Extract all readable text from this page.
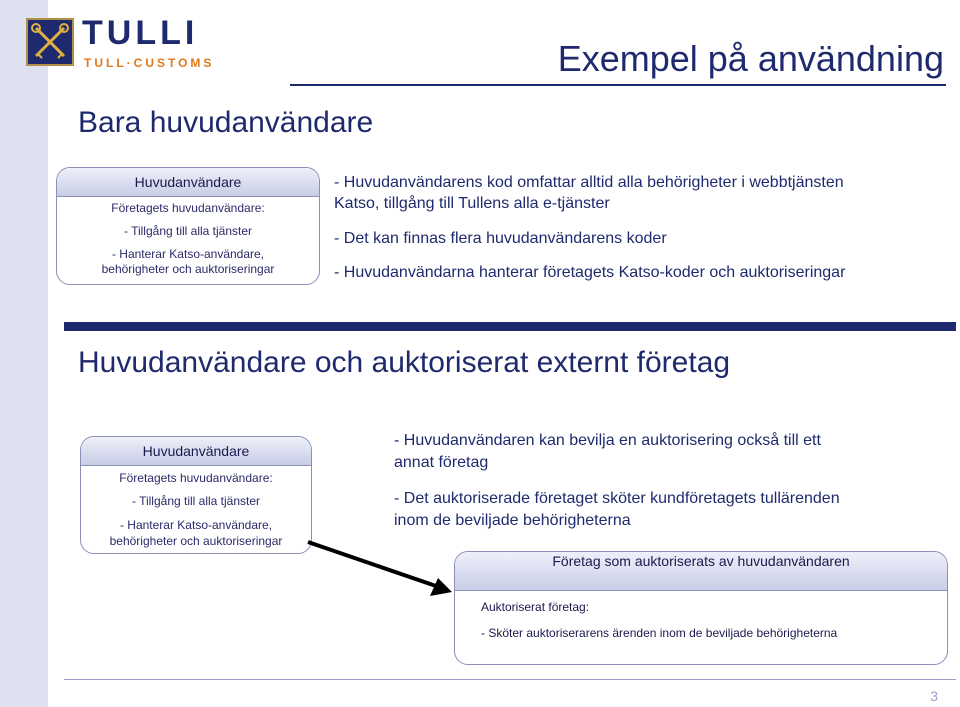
TULLI
TULL·CUSTOMS	Exempel på användning
Bara huvudanvändare
Huvudanvändare
Företagets huvudanvändare:
- Tillgång till alla tjänster
- Hanterar Katso-användare,
behörigheter och auktoriseringar
- Huvudanvändarens kod omfattar alltid alla behörigheter i webbtjänsten
Katso, tillgång till Tullens alla e-tjänster
- Det kan finnas flera huvudanvändarens koder
- Huvudanvändarna hanterar företagets Katso-koder och auktoriseringar
Huvudanvändare och auktoriserat externt företag
Huvudanvändare
Företagets huvudanvändare:
- Tillgång till alla tjänster
- Hanterar Katso-användare,
behörigheter och auktoriseringar
- Huvudanvändaren kan bevilja en auktorisering också till ett
annat företag
- Det auktoriserade företaget sköter kundföretagets tullärenden
inom de beviljade behörigheterna
Företag som auktoriserats av huvudanvändaren
Auktoriserat företag:
- Sköter auktoriserarens ärenden inom de beviljade behörigheterna
3
